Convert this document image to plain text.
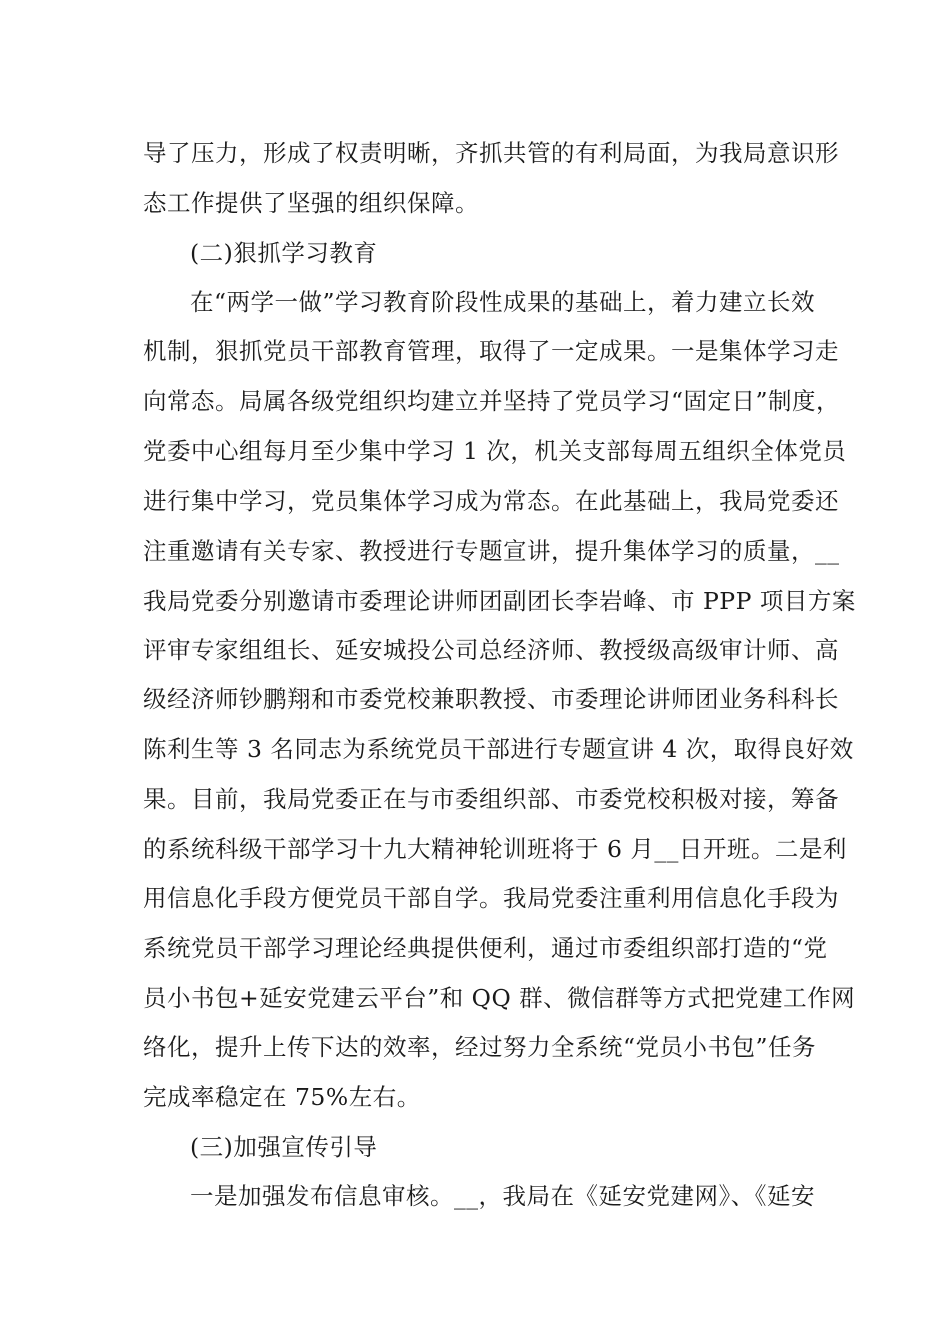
导了压力，形成了权责明晰，齐抓共管的有利局面，为我局意识形
态工作提供了坚强的组织保障。
(二)狠抓学习教育
在“两学一做”学习教育阶段性成果的基础上，着力建立长效
机制，狠抓党员干部教育管理，取得了一定成果。一是集体学习走
向常态。局属各级党组织均建立并坚持了党员学习“固定日”制度，
党委中心组每月至少集中学习 1 次，机关支部每周五组织全体党员
进行集中学习，党员集体学习成为常态。在此基础上，我局党委还
注重邀请有关专家、教授进行专题宣讲，提升集体学习的质量，__
我局党委分别邀请市委理论讲师团副团长李岩峰、市 PPP 项目方案
评审专家组组长、延安城投公司总经济师、教授级高级审计师、高
级经济师钞鹏翔和市委党校兼职教授、市委理论讲师团业务科科长
陈利生等 3 名同志为系统党员干部进行专题宣讲 4 次，取得良好效
果。目前，我局党委正在与市委组织部、市委党校积极对接，筹备
的系统科级干部学习十九大精神轮训班将于 6 月__日开班。二是利
用信息化手段方便党员干部自学。我局党委注重利用信息化手段为
系统党员干部学习理论经典提供便利，通过市委组织部打造的“党
员小书包+延安党建云平台”和 QQ 群、微信群等方式把党建工作网
络化，提升上传下达的效率，经过努力全系统“党员小书包”任务
完成率稳定在 75%左右。
(三)加强宣传引导
一是加强发布信息审核。__，我局在《延安党建网》、《延安
